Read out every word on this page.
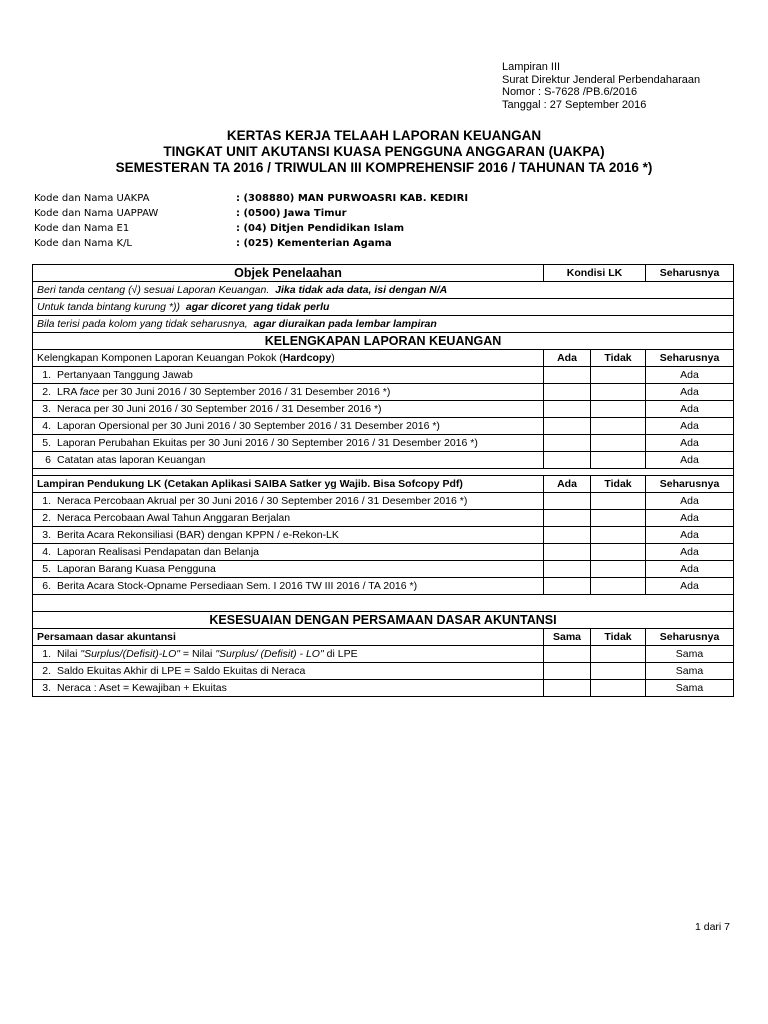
Lampiran III
Surat Direktur Jenderal Perbendaharaan
Nomor : S-7628 /PB.6/2016
Tanggal : 27 September 2016
KERTAS KERJA TELAAH LAPORAN KEUANGAN
TINGKAT UNIT AKUTANSI KUASA PENGGUNA ANGGARAN (UAKPA)
SEMESTERAN TA 2016 / TRIWULAN III KOMPREHENSIF 2016 / TAHUNAN TA 2016 *)
Kode dan Nama UAKPA	: (308880) MAN PURWOASRI KAB. KEDIRI
Kode dan Nama UAPPAW	: (0500) Jawa Timur
Kode dan Nama E1	: (04) Ditjen Pendidikan Islam
Kode dan Nama K/L	: (025) Kementerian Agama
Objek Penelaahan	Kondisi LK		Seharusnya
Beri tanda centang (√) sesuai Laporan Keuangan. Jika tidak ada data, isi dengan N/A			
Untuk tanda bintang kurung *)) agar dicoret yang tidak perlu			
Bila terisi pada kolom yang tidak seharusnya, agar diuraikan pada lembar lampiran			
KELENGKAPAN LAPORAN KEUANGAN			
Kelengkapan Komponen Laporan Keuangan Pokok (Hardcopy)	Ada	Tidak	Seharusnya
1. Pertanyaan Tanggung Jawab			Ada
2. LRA face per 30 Juni 2016 / 30 September 2016 / 31 Desember 2016 *)			Ada
3. Neraca per 30 Juni 2016 / 30 September 2016 / 31 Desember 2016 *)			Ada
4. Laporan Opersional per 30 Juni 2016 / 30 September 2016 / 31 Desember 2016 *)			Ada
5. Laporan Perubahan Ekuitas per 30 Juni 2016 / 30 September 2016 / 31 Desember 2016 *)			Ada
6 Catatan atas laporan Keuangan			Ada

Lampiran Pendukung LK (Cetakan Aplikasi SAIBA Satker yg Wajib. Bisa Sofcopy Pdf)	Ada	Tidak	Seharusnya
1. Neraca Percobaan Akrual per 30 Juni 2016 / 30 September 2016 / 31 Desember 2016 *)			Ada
2. Neraca Percobaan Awal Tahun Anggaran Berjalan			Ada
3. Berita Acara Rekonsiliasi (BAR) dengan KPPN / e-Rekon-LK			Ada
4. Laporan Realisasi Pendapatan dan Belanja			Ada
5. Laporan Barang Kuasa Pengguna			Ada
6. Berita Acara Stock-Opname Persediaan Sem. I 2016 TW III 2016 / TA 2016 *)			Ada

KESESUAIAN DENGAN PERSAMAAN DASAR AKUNTANSI			
Persamaan dasar akuntansi	Sama	Tidak	Seharusnya
1. Nilai "Surplus/(Defisit)-LO" = Nilai "Surplus/ (Defisit) - LO" di LPE			Sama
2. Saldo Ekuitas Akhir di LPE = Saldo Ekuitas di Neraca			Sama
3. Neraca : Aset = Kewajiban + Ekuitas			Sama
1 dari 7
